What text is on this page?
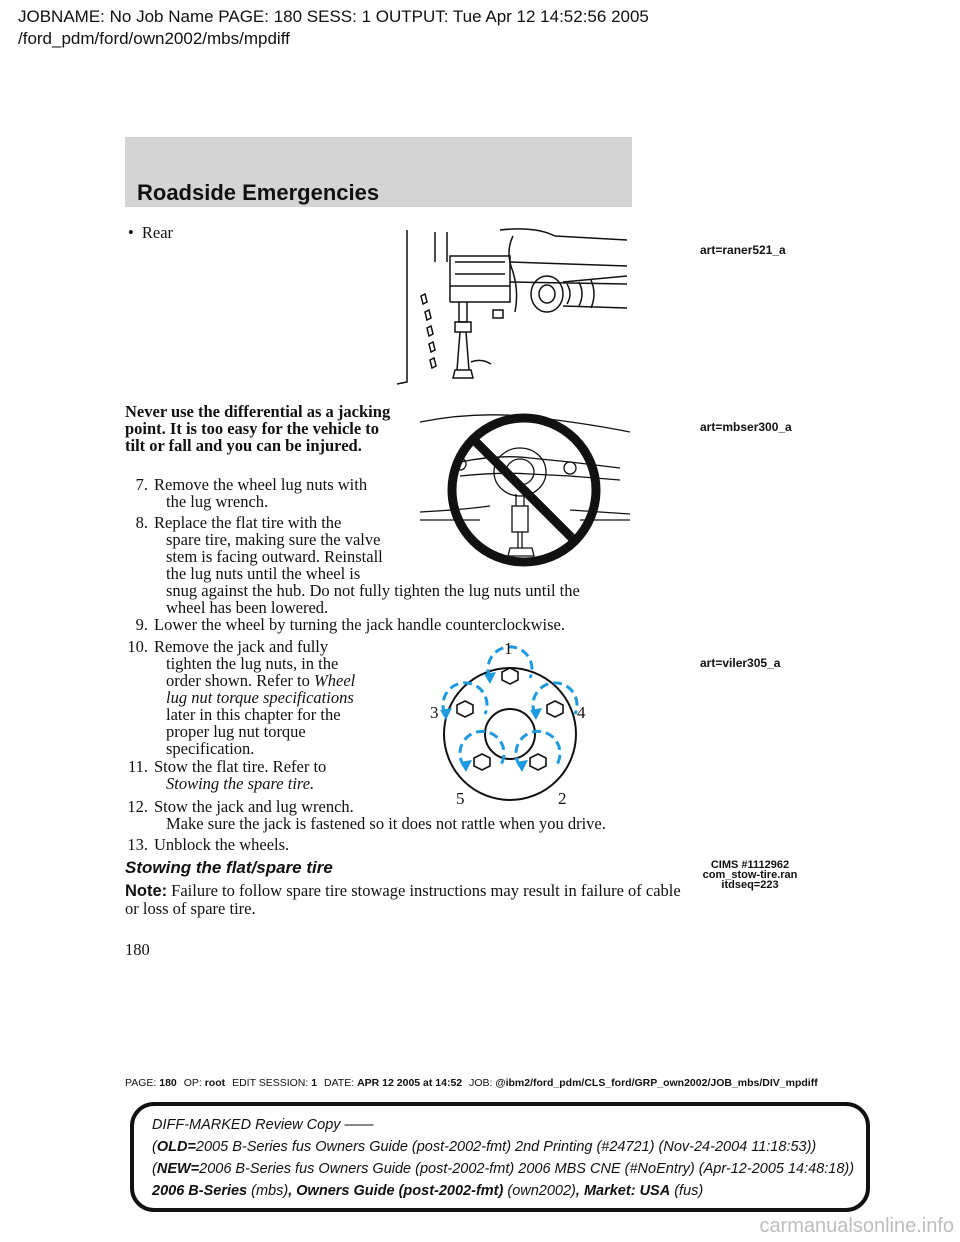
JOBNAME: No Job Name PAGE: 180 SESS: 1 OUTPUT: Tue Apr 12 14:52:56 2005
/ford_pdm/ford/own2002/mbs/mpdiff
Roadside Emergencies
• Rear
art=raner521_a
art=mbser300_a
art=viler305_a
Never use the differential as a jacking point. It is too easy for the vehicle to tilt or fall and you can be injured.
7. Remove the wheel lug nuts with
the lug wrench.
8. Replace the flat tire with the
spare tire, making sure the valve
stem is facing outward. Reinstall
the lug nuts until the wheel is
snug against the hub. Do not fully tighten the lug nuts until the
wheel has been lowered.
9. Lower the wheel by turning the jack handle counterclockwise.
10. Remove the jack and fully
tighten the lug nuts, in the
order shown. Refer to Wheel
lug nut torque specifications
later in this chapter for the
proper lug nut torque
specification.
11. Stow the flat tire. Refer to
Stowing the spare tire.
12. Stow the jack and lug wrench.
Make sure the jack is fastened so it does not rattle when you drive.
13. Unblock the wheels.
1
2
3	4
5
Stowing the flat/spare tire	CIMS #1112962
com_stow-tire.ran
itdseq=223
Note: Failure to follow spare tire stowage instructions may result in failure of cable or loss of spare tire.
180
PAGE: 180 OP: root EDIT SESSION: 1 DATE: APR 12 2005 at 14:52 JOB: @ibm2/ford_pdm/CLS_ford/GRP_own2002/JOB_mbs/DIV_mpdiff
DIFF-MARKED Review Copy ——
(OLD=2005 B-Series fus Owners Guide (post-2002-fmt) 2nd Printing (#24721) (Nov-24-2004 11:18:53))
(NEW=2006 B-Series fus Owners Guide (post-2002-fmt) 2006 MBS CNE (#NoEntry) (Apr-12-2005 14:48:18))
2006 B-Series (mbs), Owners Guide (post-2002-fmt) (own2002), Market: USA (fus)
carmanualsonline.info
